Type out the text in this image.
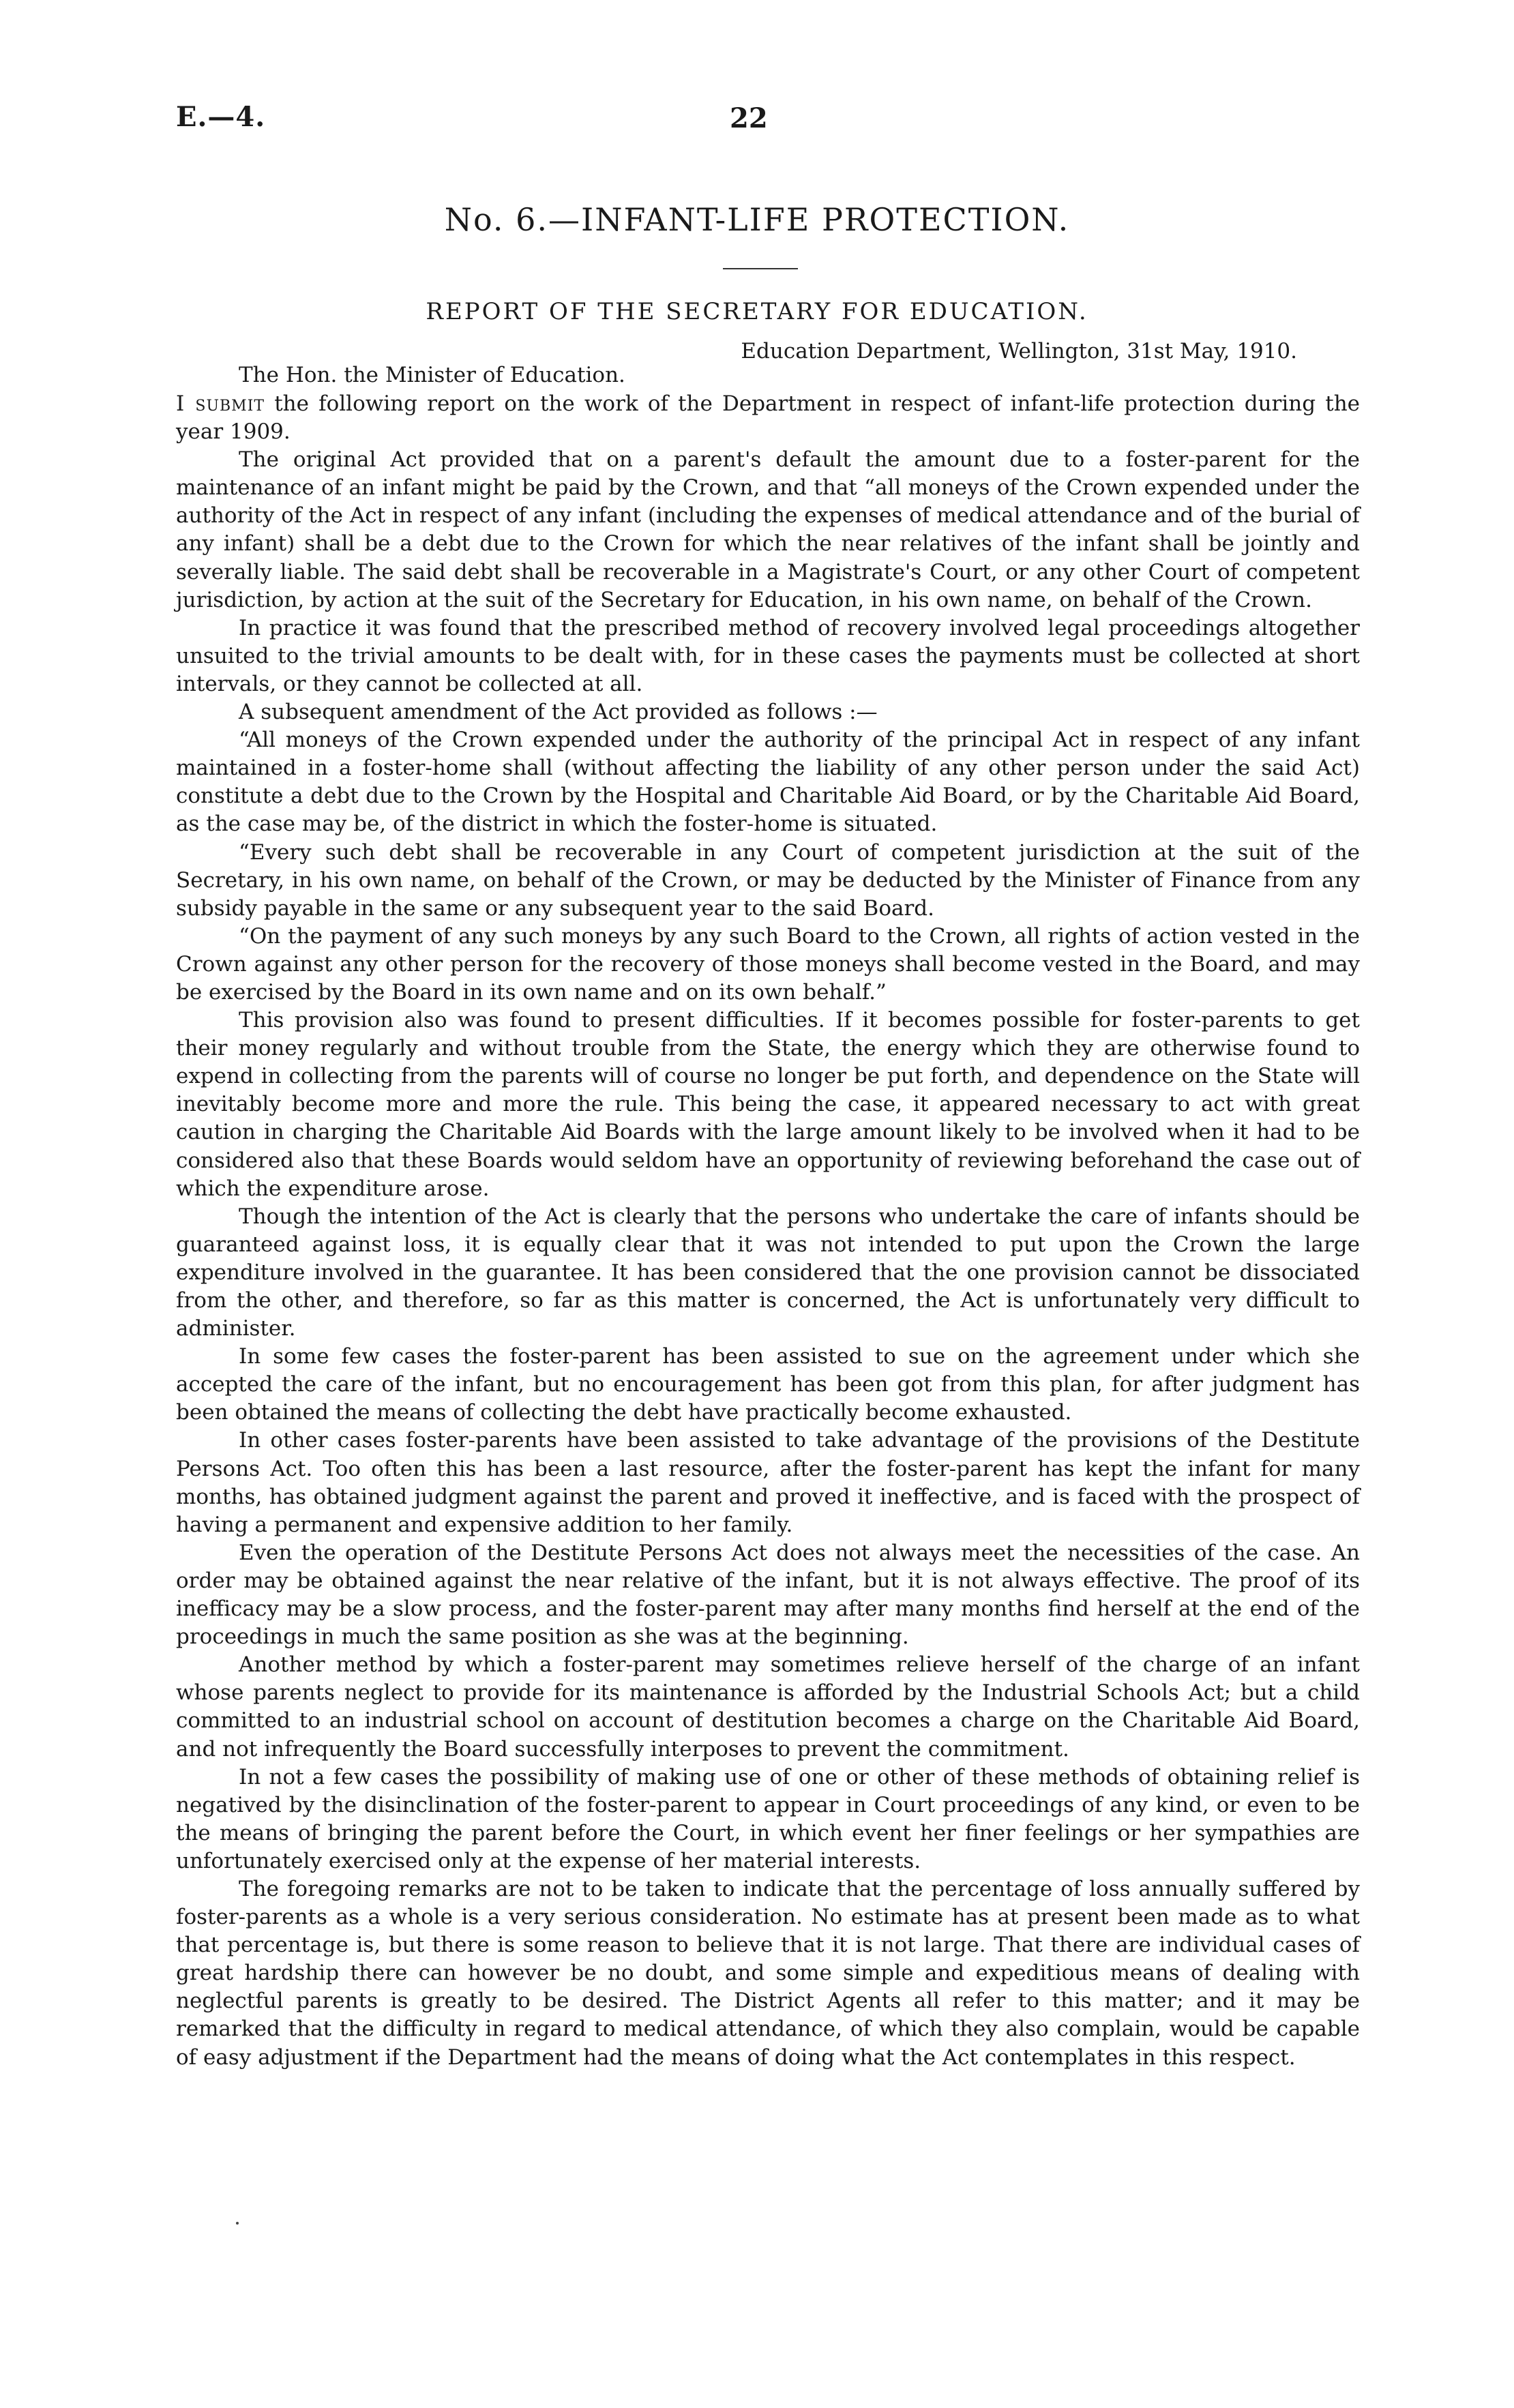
E.—4.	22
No. 6.—INFANT-LIFE PROTECTION.
REPORT OF THE SECRETARY FOR EDUCATION.
Education Department, Wellington, 31st May, 1910.
The Hon. the Minister of Education.

I submit the following report on the work of the Department in respect of infant-life protection during the year 1909.

The original Act provided that on a parent's default the amount due to a foster-parent for the maintenance of an infant might be paid by the Crown, and that “all moneys of the Crown expended under the authority of the Act in respect of any infant (including the expenses of medical attendance and of the burial of any infant) shall be a debt due to the Crown for which the near relatives of the infant shall be jointly and severally liable. The said debt shall be recoverable in a Magistrate's Court, or any other Court of competent jurisdiction, by action at the suit of the Secretary for Education, in his own name, on behalf of the Crown.

In practice it was found that the prescribed method of recovery involved legal proceedings altogether unsuited to the trivial amounts to be dealt with, for in these cases the payments must be collected at short intervals, or they cannot be collected at all.

A subsequent amendment of the Act provided as follows :—

“All moneys of the Crown expended under the authority of the principal Act in respect of any infant maintained in a foster-home shall (without affecting the liability of any other person under the said Act) constitute a debt due to the Crown by the Hospital and Charitable Aid Board, or by the Charitable Aid Board, as the case may be, of the district in which the foster-home is situated.

“Every such debt shall be recoverable in any Court of competent jurisdiction at the suit of the Secretary, in his own name, on behalf of the Crown, or may be deducted by the Minister of Finance from any subsidy payable in the same or any subsequent year to the said Board.

“On the payment of any such moneys by any such Board to the Crown, all rights of action vested in the Crown against any other person for the recovery of those moneys shall become vested in the Board, and may be exercised by the Board in its own name and on its own behalf.”

This provision also was found to present difficulties. If it becomes possible for foster-parents to get their money regularly and without trouble from the State, the energy which they are otherwise found to expend in collecting from the parents will of course no longer be put forth, and dependence on the State will inevitably become more and more the rule. This being the case, it appeared necessary to act with great caution in charging the Charitable Aid Boards with the large amount likely to be involved when it had to be considered also that these Boards would seldom have an opportunity of reviewing beforehand the case out of which the expenditure arose.

Though the intention of the Act is clearly that the persons who undertake the care of infants should be guaranteed against loss, it is equally clear that it was not intended to put upon the Crown the large expenditure involved in the guarantee. It has been considered that the one provision cannot be dissociated from the other, and therefore, so far as this matter is concerned, the Act is unfortunately very difficult to administer.

In some few cases the foster-parent has been assisted to sue on the agreement under which she accepted the care of the infant, but no encouragement has been got from this plan, for after judgment has been obtained the means of collecting the debt have practically become exhausted.

In other cases foster-parents have been assisted to take advantage of the provisions of the Destitute Persons Act. Too often this has been a last resource, after the foster-parent has kept the infant for many months, has obtained judgment against the parent and proved it ineffective, and is faced with the prospect of having a permanent and expensive addition to her family.

Even the operation of the Destitute Persons Act does not always meet the necessities of the case. An order may be obtained against the near relative of the infant, but it is not always effective. The proof of its inefficacy may be a slow process, and the foster-parent may after many months find herself at the end of the proceedings in much the same position as she was at the beginning.

Another method by which a foster-parent may sometimes relieve herself of the charge of an infant whose parents neglect to provide for its maintenance is afforded by the Industrial Schools Act; but a child committed to an industrial school on account of destitution becomes a charge on the Charitable Aid Board, and not infrequently the Board successfully interposes to prevent the commitment.

In not a few cases the possibility of making use of one or other of these methods of obtaining relief is negatived by the disinclination of the foster-parent to appear in Court proceedings of any kind, or even to be the means of bringing the parent before the Court, in which event her finer feelings or her sympathies are unfortunately exercised only at the expense of her material interests.

The foregoing remarks are not to be taken to indicate that the percentage of loss annually suffered by foster-parents as a whole is a very serious consideration. No estimate has at present been made as to what that percentage is, but there is some reason to believe that it is not large. That there are individual cases of great hardship there can however be no doubt, and some simple and expeditious means of dealing with neglectful parents is greatly to be desired. The District Agents all refer to this matter; and it may be remarked that the difficulty in regard to medical attendance, of which they also complain, would be capable of easy adjustment if the Department had the means of doing what the Act contemplates in this respect.
